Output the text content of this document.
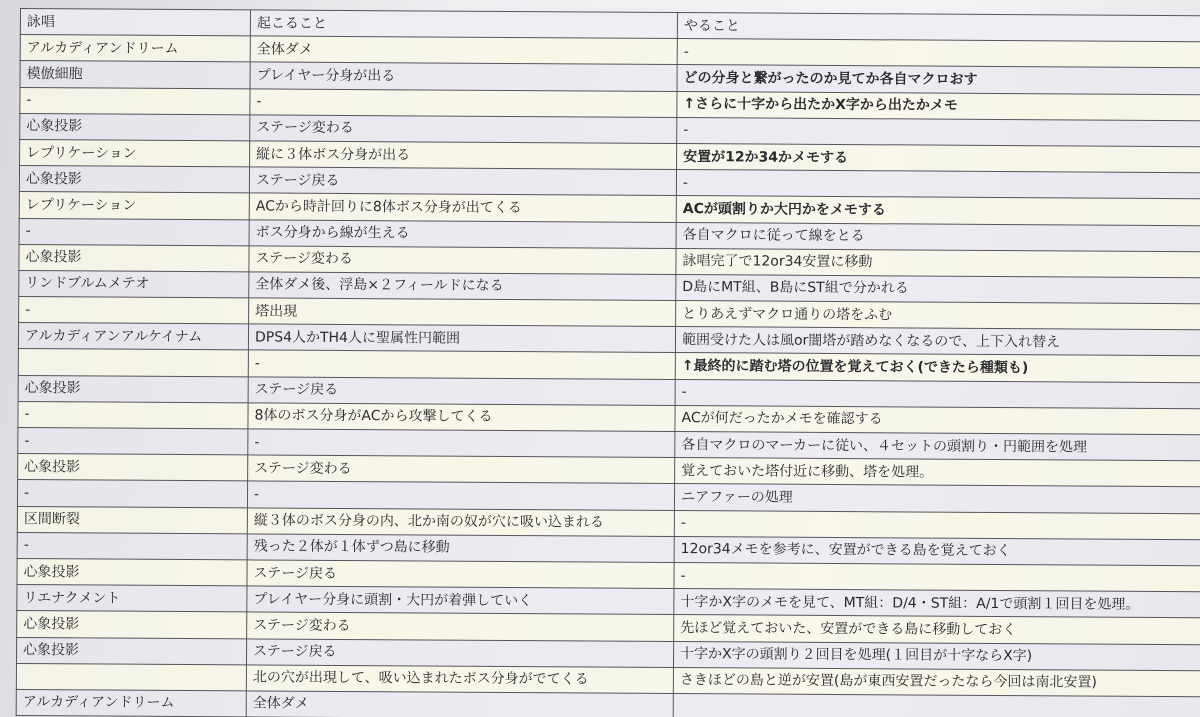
詠唱	起こること	やること
アルカディアンドリーム	全体ダメ	-
模倣細胞	プレイヤー分身が出る	どの分身と繋がったのか見てか各自マクロおす
-	-	↑さらに十字から出たかX字から出たかメモ
心象投影	ステージ変わる	-
レプリケーション	縦に３体ボス分身が出る	安置が12か34かメモする
心象投影	ステージ戻る	-
レプリケーション	ACから時計回りに8体ボス分身が出てくる	ACが頭割りか大円かをメモする
-	ボス分身から線が生える	各自マクロに従って線をとる
心象投影	ステージ変わる	詠唱完了で12or34安置に移動
リンドブルムメテオ	全体ダメ後、浮島×２フィールドになる	D島にMT組、B島にST組で分かれる
-	塔出現	とりあえずマクロ通りの塔をふむ
アルカディアンアルケイナム	DPS4人かTH4人に聖属性円範囲	範囲受けた人は風or闇塔が踏めなくなるので、上下入れ替え
	-	↑最終的に踏む塔の位置を覚えておく(できたら種類も)
心象投影	ステージ戻る	-
-	8体のボス分身がACから攻撃してくる	ACが何だったかメモを確認する
-	-	各自マクロのマーカーに従い、４セットの頭割り・円範囲を処理
心象投影	ステージ変わる	覚えておいた塔付近に移動、塔を処理。
-	-	ニアファーの処理
区間断裂	縦３体のボス分身の内、北か南の奴が穴に吸い込まれる	-
-	残った２体が１体ずつ島に移動	12or34メモを参考に、安置ができる島を覚えておく
心象投影	ステージ戻る	-
リエナクメント	プレイヤー分身に頭割・大円が着弾していく	十字かX字のメモを見て、MT組：D/4・ST組：A/1で頭割１回目を処理。
心象投影	ステージ変わる	先ほど覚えておいた、安置ができる島に移動しておく
心象投影	ステージ戻る	十字かX字の頭割り２回目を処理(１回目が十字ならX字)
	北の穴が出現して、吸い込まれたボス分身がでてくる	さきほどの島と逆が安置(島が東西安置だったなら今回は南北安置)
アルカディアンドリーム	全体ダメ	
